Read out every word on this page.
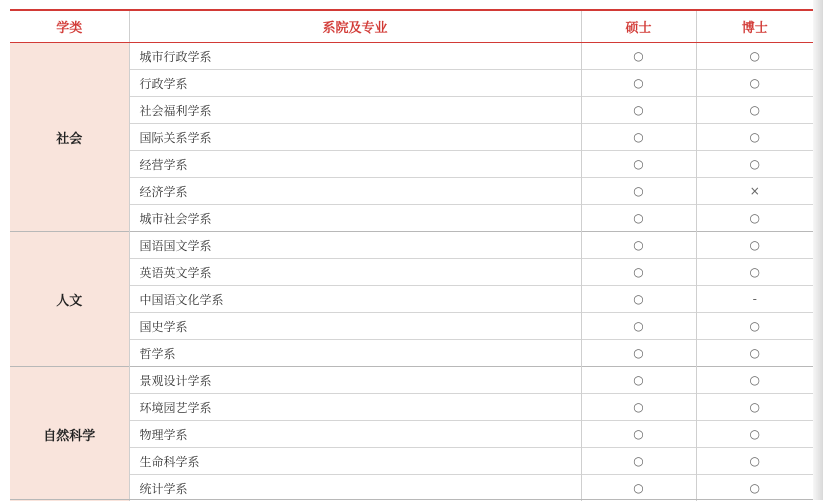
学类	系院及专业	硕士	博士
社会	城市行政学系	○	○
	行政学系	○	○
	社会福利学系	○	○
	国际关系学系	○	○
	经营学系	○	○
	经济学系	○	×
	城市社会学系	○	○
人文	国语国文学系	○	○
	英语英文学系	○	○
	中国语文化学系	○	-
	国史学系	○	○
	哲学系	○	○
自然科学	景观设计学系	○	○
	环境园艺学系	○	○
	物理学系	○	○
	生命科学系	○	○
	统计学系	○	○
